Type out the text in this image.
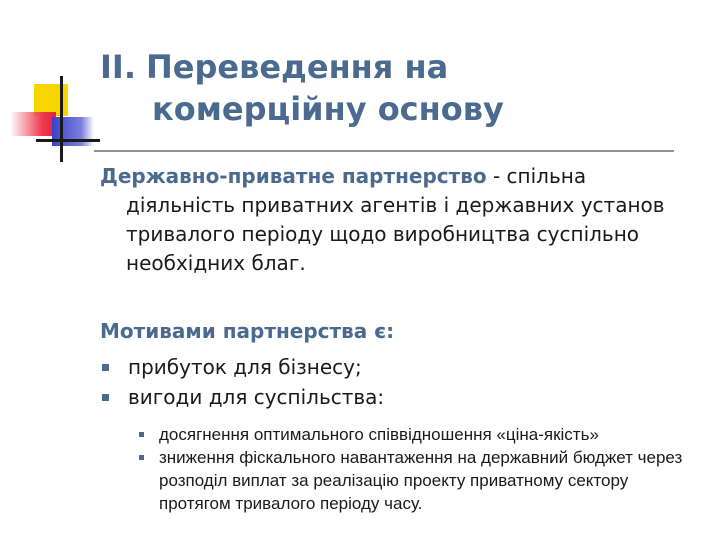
ІІ. Переведення на
комерційну основу
Державно-приватне партнерство - спільна
діяльність приватних агентів і державних установ
тривалого періоду щодо виробництва суспільно
необхідних благ.
Мотивами партнерства є:
прибуток для бізнесу;
вигоди для суспільства:
досягнення оптимального співвідношення «ціна-якість»
зниження фіскального навантаження на державний бюджет через розподіл виплат за реалізацію проекту приватному сектору протягом тривалого періоду часу.
